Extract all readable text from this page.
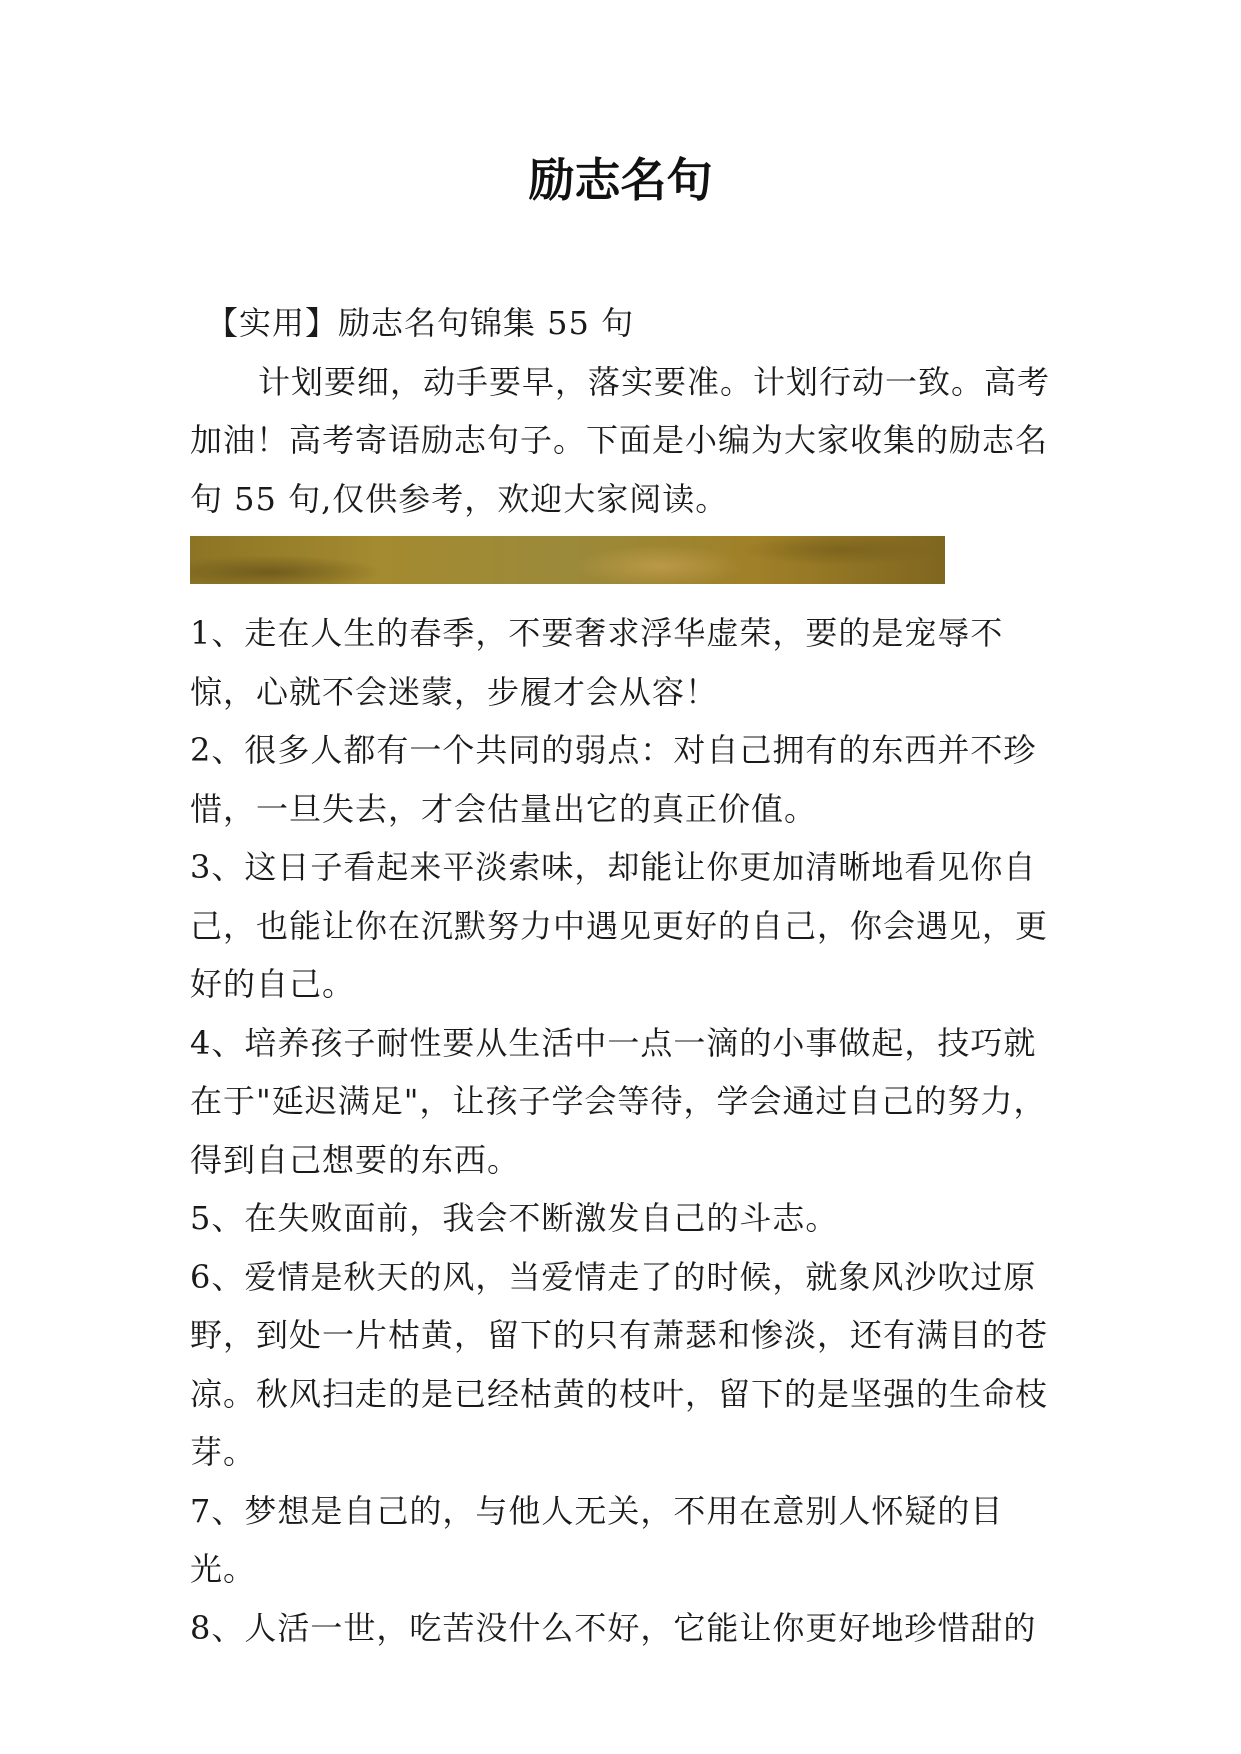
励志名句

【实用】励志名句锦集 55 句

计划要细，动手要早，落实要准。计划行动一致。高考加油！高考寄语励志句子。下面是小编为大家收集的励志名句 55 句,仅供参考，欢迎大家阅读。

1、走在人生的春季，不要奢求浮华虚荣，要的是宠辱不惊，心就不会迷蒙，步履才会从容！

2、很多人都有一个共同的弱点：对自己拥有的东西并不珍惜，一旦失去，才会估量出它的真正价值。

3、这日子看起来平淡索味，却能让你更加清晰地看见你自己，也能让你在沉默努力中遇见更好的自己，你会遇见，更好的自己。

4、培养孩子耐性要从生活中一点一滴的小事做起，技巧就在于"延迟满足"，让孩子学会等待，学会通过自己的努力，得到自己想要的东西。

5、在失败面前，我会不断激发自己的斗志。

6、爱情是秋天的风，当爱情走了的时候，就象风沙吹过原野，到处一片枯黄，留下的只有萧瑟和惨淡，还有满目的苍凉。秋风扫走的是已经枯黄的枝叶，留下的是坚强的生命枝芽。

7、梦想是自己的，与他人无关，不用在意别人怀疑的目光。

8、人活一世，吃苦没什么不好，它能让你更好地珍惜甜的
